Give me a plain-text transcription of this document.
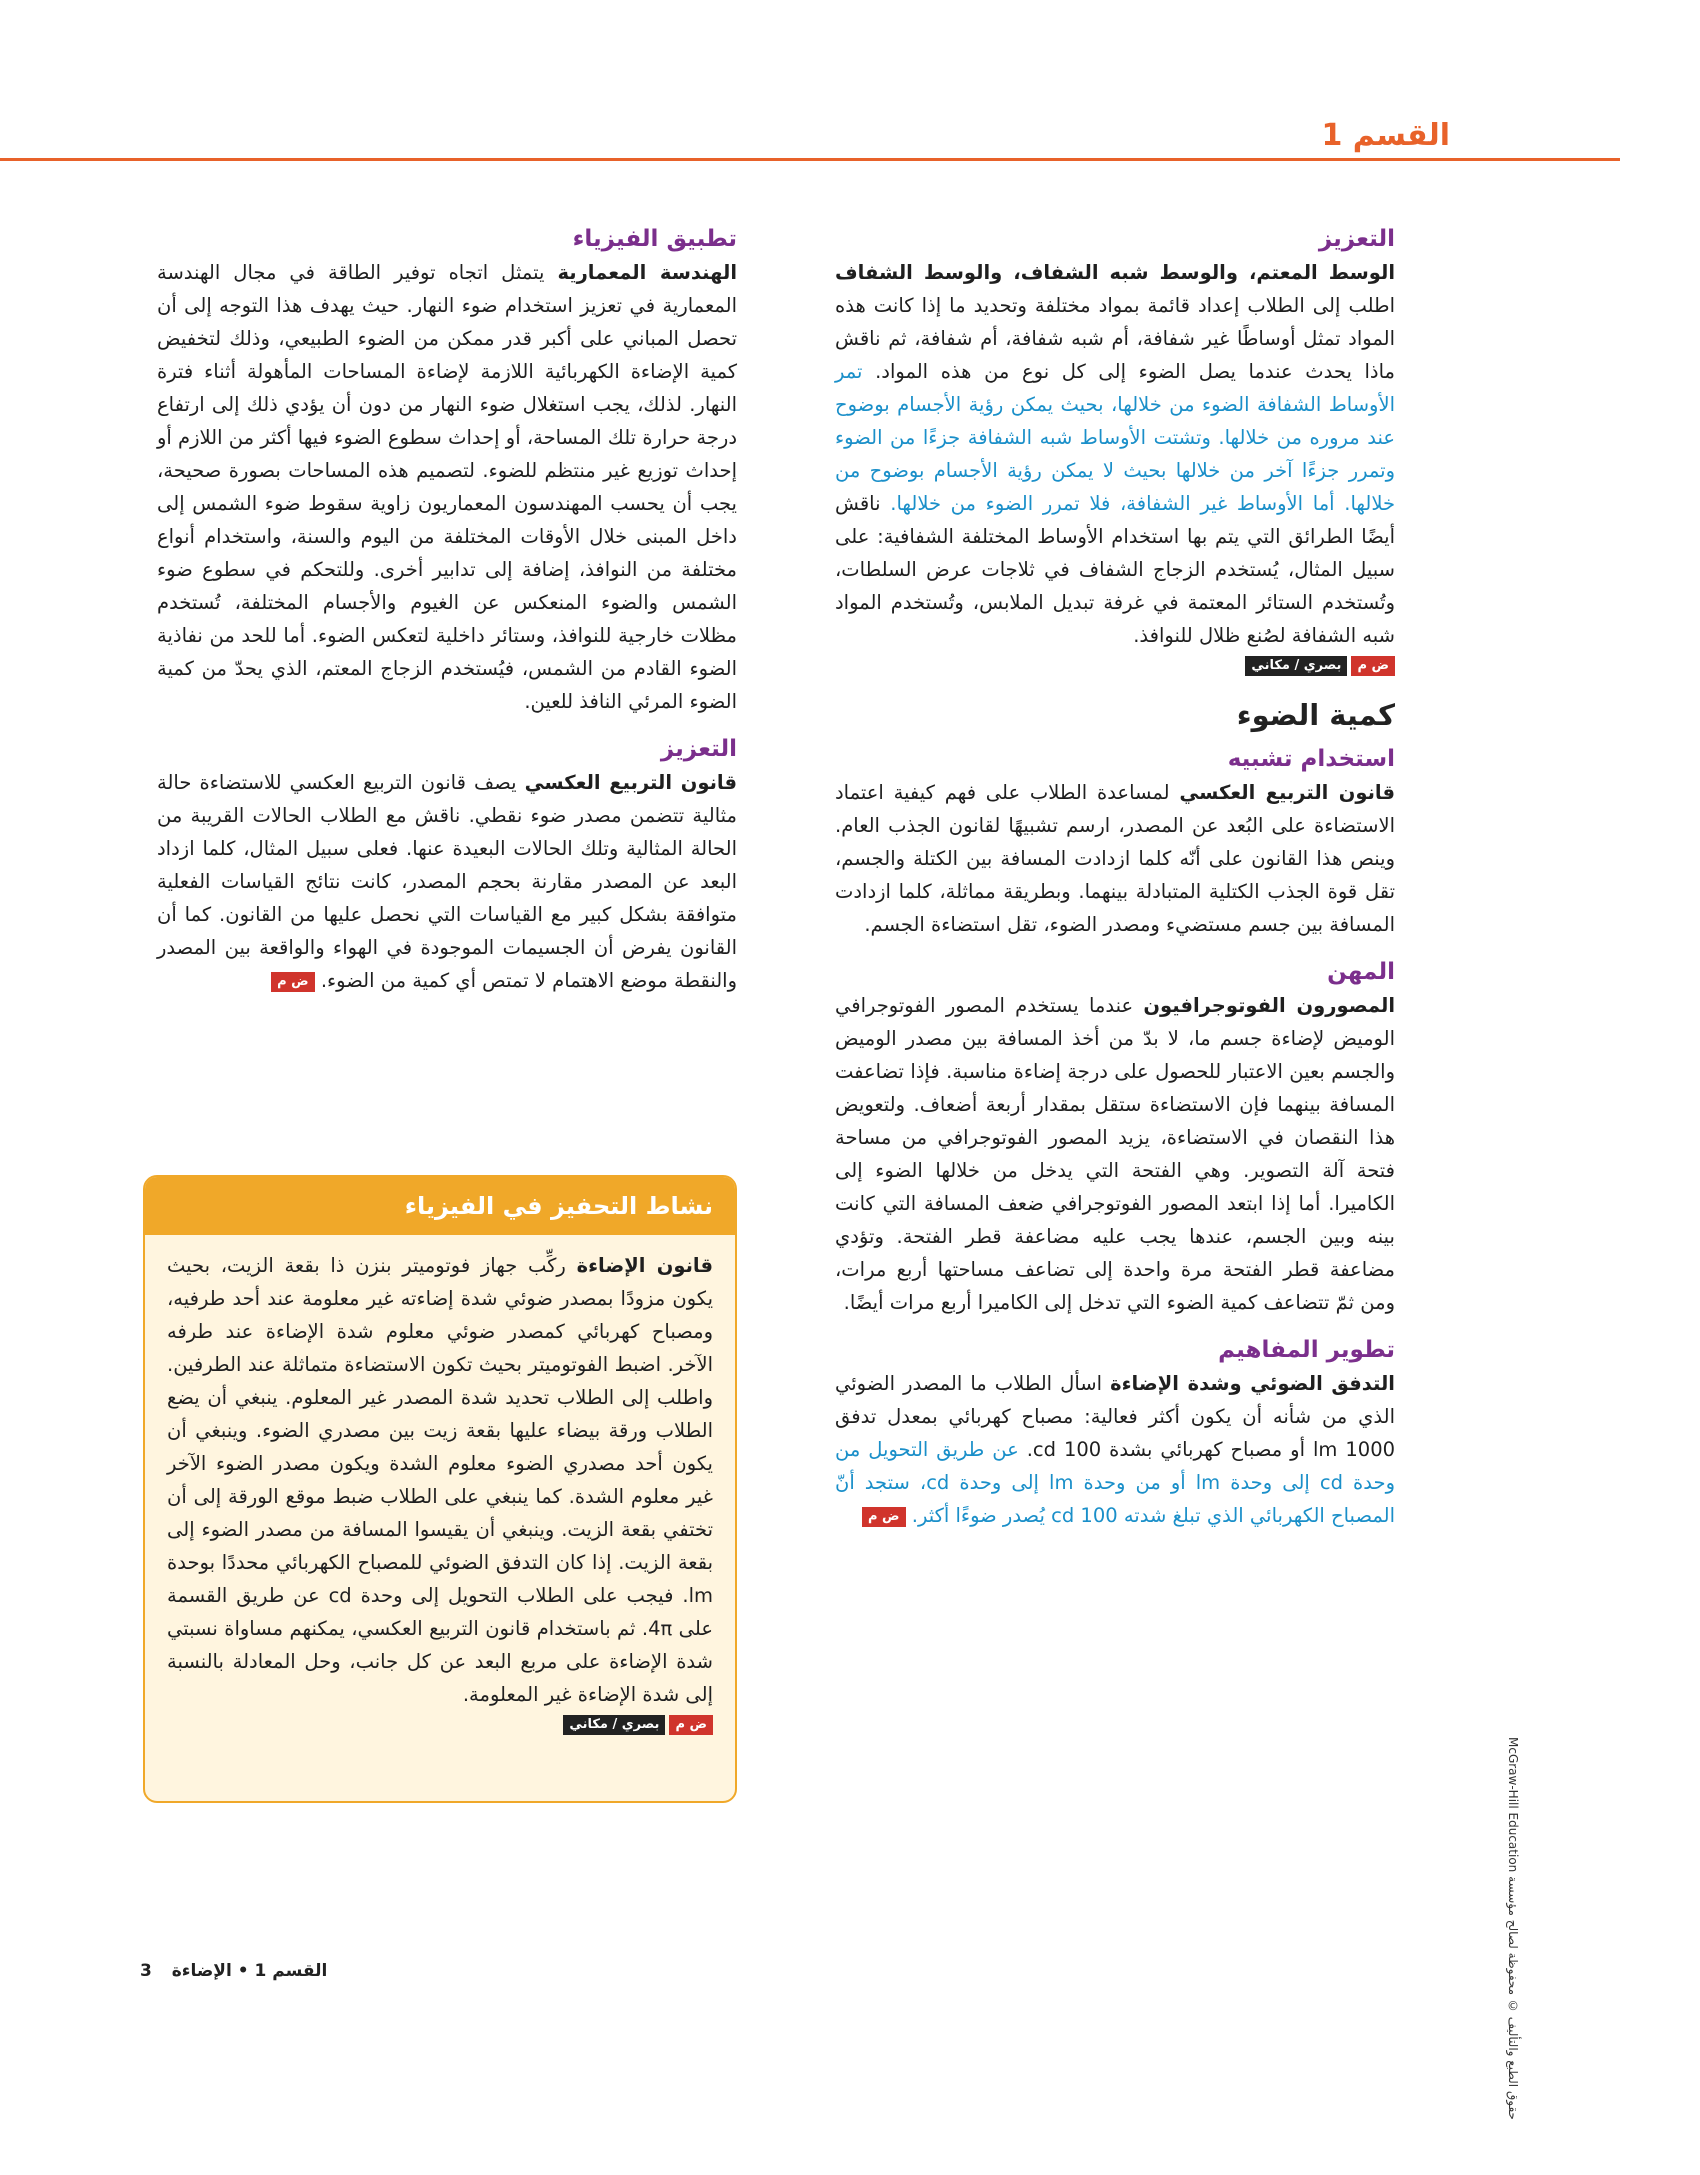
القسم 1
التعزيز

الوسط المعتم، والوسط شبه الشفاف، والوسط الشفاف اطلب إلى الطلاب إعداد قائمة بمواد مختلفة وتحديد ما إذا كانت هذه المواد تمثل أوساطًا غير شفافة، أم شبه شفافة، أم شفافة، ثم ناقش ماذا يحدث عندما يصل الضوء إلى كل نوع من هذه المواد. تمر الأوساط الشفافة الضوء من خلالها، بحيث يمكن رؤية الأجسام بوضوح عند مروره من خلالها. وتشتت الأوساط شبه الشفافة جزءًا من الضوء وتمرر جزءًا آخر من خلالها بحيث لا يمكن رؤية الأجسام بوضوح من خلالها. أما الأوساط غير الشفافة، فلا تمرر الضوء من خلالها. ناقش أيضًا الطرائق التي يتم بها استخدام الأوساط المختلفة الشفافية: على سبيل المثال، يُستخدم الزجاج الشفاف في ثلاجات عرض السلطات، وتُستخدم الستائر المعتمة في غرفة تبديل الملابس، وتُستخدم المواد شبه الشفافة لصُنع ظلال للنوافذ.

ض م
بصري / مكاني
كمية الضوء
استخدام تشبيه

قانون التربيع العكسي لمساعدة الطلاب على فهم كيفية اعتماد الاستضاءة على البُعد عن المصدر، ارسم تشبيهًا لقانون الجذب العام. وينص هذا القانون على أنّه كلما ازدادت المسافة بين الكتلة والجسم، تقل قوة الجذب الكتلية المتبادلة بينهما. وبطريقة مماثلة، كلما ازدادت المسافة بين جسم مستضيء ومصدر الضوء، تقل استضاءة الجسم.

المهن

المصورون الفوتوجرافيون عندما يستخدم المصور الفوتوجرافي الوميض لإضاءة جسم ما، لا بدّ من أخذ المسافة بين مصدر الوميض والجسم بعين الاعتبار للحصول على درجة إضاءة مناسبة. فإذا تضاعفت المسافة بينهما فإن الاستضاءة ستقل بمقدار أربعة أضعاف. ولتعويض هذا النقصان في الاستضاءة، يزيد المصور الفوتوجرافي من مساحة فتحة آلة التصوير. وهي الفتحة التي يدخل من خلالها الضوء إلى الكاميرا. أما إذا ابتعد المصور الفوتوجرافي ضعف المسافة التي كانت بينه وبين الجسم، عندها يجب عليه مضاعفة قطر الفتحة. وتؤدي مضاعفة قطر الفتحة مرة واحدة إلى تضاعف مساحتها أربع مرات، ومن ثمّ تتضاعف كمية الضوء التي تدخل إلى الكاميرا أربع مرات أيضًا.

تطوير المفاهيم

التدفق الضوئي وشدة الإضاءة اسأل الطلاب ما المصدر الضوئي الذي من شأنه أن يكون أكثر فعالية: مصباح كهربائي بمعدل تدفق 1000 lm أو مصباح كهربائي بشدة 100 cd. عن طريق التحويل من وحدة cd إلى وحدة lm أو من وحدة lm إلى وحدة cd، ستجد أنّ المصباح الكهربائي الذي تبلغ شدته 100 cd يُصدر ضوءًا أكثر. ض م

تطبيق الفيزياء

الهندسة المعمارية يتمثل اتجاه توفير الطاقة في مجال الهندسة المعمارية في تعزيز استخدام ضوء النهار. حيث يهدف هذا التوجه إلى أن تحصل المباني على أكبر قدر ممكن من الضوء الطبيعي، وذلك لتخفيض كمية الإضاءة الكهربائية اللازمة لإضاءة المساحات المأهولة أثناء فترة النهار. لذلك، يجب استغلال ضوء النهار من دون أن يؤدي ذلك إلى ارتفاع درجة حرارة تلك المساحة، أو إحداث سطوع الضوء فيها أكثر من اللازم أو إحداث توزيع غير منتظم للضوء. لتصميم هذه المساحات بصورة صحيحة، يجب أن يحسب المهندسون المعماريون زاوية سقوط ضوء الشمس إلى داخل المبنى خلال الأوقات المختلفة من اليوم والسنة، واستخدام أنواع مختلفة من النوافذ، إضافة إلى تدابير أخرى. وللتحكم في سطوع ضوء الشمس والضوء المنعكس عن الغيوم والأجسام المختلفة، تُستخدم مظلات خارجية للنوافذ، وستائر داخلية لتعكس الضوء. أما للحد من نفاذية الضوء القادم من الشمس، فيُستخدم الزجاج المعتم، الذي يحدّ من كمية الضوء المرئي النافذ للعين.

التعزيز

قانون التربيع العكسي يصف قانون التربيع العكسي للاستضاءة حالة مثالية تتضمن مصدر ضوء نقطي. ناقش مع الطلاب الحالات القريبة من الحالة المثالية وتلك الحالات البعيدة عنها. فعلى سبيل المثال، كلما ازداد البعد عن المصدر مقارنة بحجم المصدر، كانت نتائج القياسات الفعلية متوافقة بشكل كبير مع القياسات التي نحصل عليها من القانون. كما أن القانون يفرض أن الجسيمات الموجودة في الهواء والواقعة بين المصدر والنقطة موضع الاهتمام لا تمتص أي كمية من الضوء. ض م

نشاط التحفيز في الفيزياء

قانون الإضاءة ركِّب جهاز فوتوميتر بنزن ذا بقعة الزيت، بحيث يكون مزودًا بمصدر ضوئي شدة إضاءته غير معلومة عند أحد طرفيه، ومصباح كهربائي كمصدر ضوئي معلوم شدة الإضاءة عند طرفه الآخر. اضبط الفوتوميتر بحيث تكون الاستضاءة متماثلة عند الطرفين. واطلب إلى الطلاب تحديد شدة المصدر غير المعلوم. ينبغي أن يضع الطلاب ورقة بيضاء عليها بقعة زيت بين مصدري الضوء. وينبغي أن يكون أحد مصدري الضوء معلوم الشدة ويكون مصدر الضوء الآخر غير معلوم الشدة. كما ينبغي على الطلاب ضبط موقع الورقة إلى أن تختفي بقعة الزيت. وينبغي أن يقيسوا المسافة من مصدر الضوء إلى بقعة الزيت. إذا كان التدفق الضوئي للمصباح الكهربائي محددًا بوحدة lm. فيجب على الطلاب التحويل إلى وحدة cd عن طريق القسمة على 4π. ثم باستخدام قانون التربيع العكسي، يمكنهم مساواة نسبتي شدة الإضاءة على مربع البعد عن كل جانب، وحل المعادلة بالنسبة إلى شدة الإضاءة غير المعلومة.

ض م
بصري / مكاني
حقوق الطبع والتأليف © محفوظة لصالح مؤسسة McGraw-Hill Education
القسم 1 • الإضاءة 3
